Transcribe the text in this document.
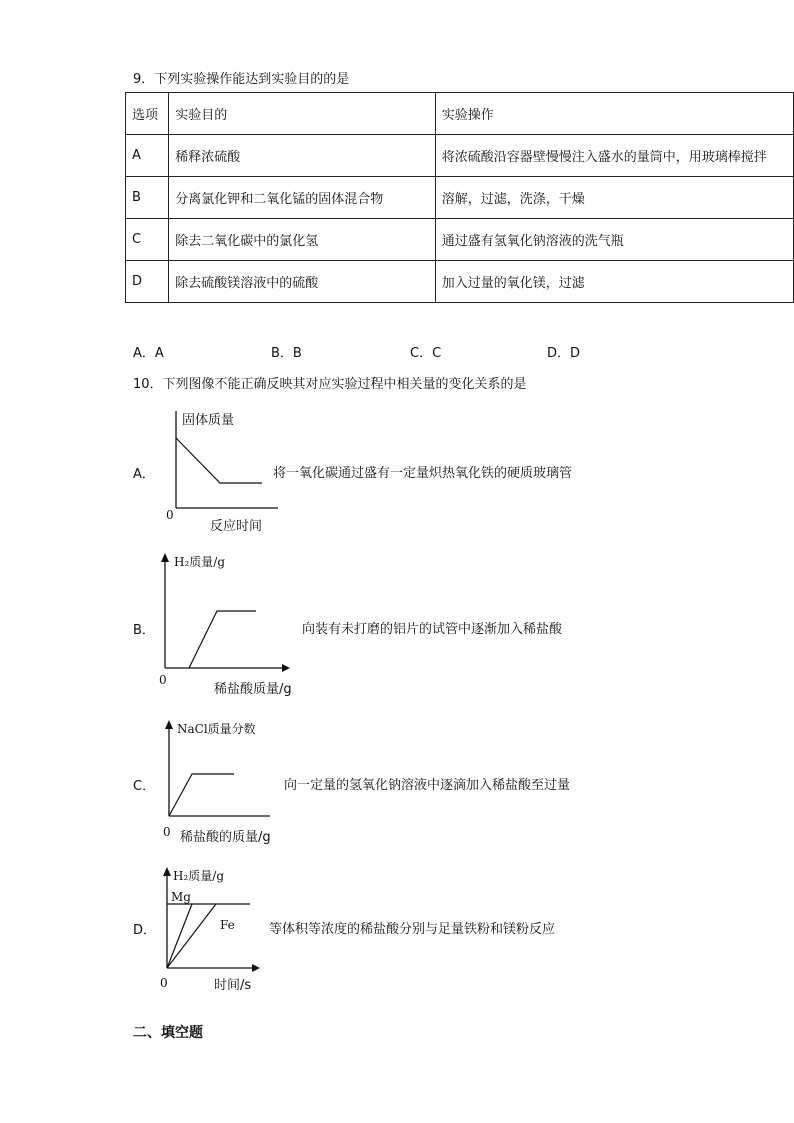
9．下列实验操作能达到实验目的的是
选项	实验目的	实验操作
A	稀释浓硫酸	将浓硫酸沿容器壁慢慢注入盛水的量筒中，用玻璃棒搅拌
B	分离氯化钾和二氧化锰的固体混合物	溶解，过滤，洗涤，干燥
C	除去二氧化碳中的氯化氢	通过盛有氢氧化钠溶液的洗气瓶
D	除去硫酸镁溶液中的硫酸	加入过量的氧化镁，过滤
A．A	B．B	C．C	D．D
10．下列图像不能正确反映其对应实验过程中相关量的变化关系的是
A．
0
固体质量
反应时间
将一氧化碳通过盛有一定量炽热氧化铁的硬质玻璃管
B．
0
H₂质量/g
稀盐酸质量/g
向装有未打磨的铝片的试管中逐渐加入稀盐酸
C．
0
NaCl质量分数
稀盐酸的质量/g
向一定量的氢氧化钠溶液中逐滴加入稀盐酸至过量
D．
0
H₂质量/g
Mg
Fe
时间/s
等体积等浓度的稀盐酸分别与足量铁粉和镁粉反应
二、填空题
